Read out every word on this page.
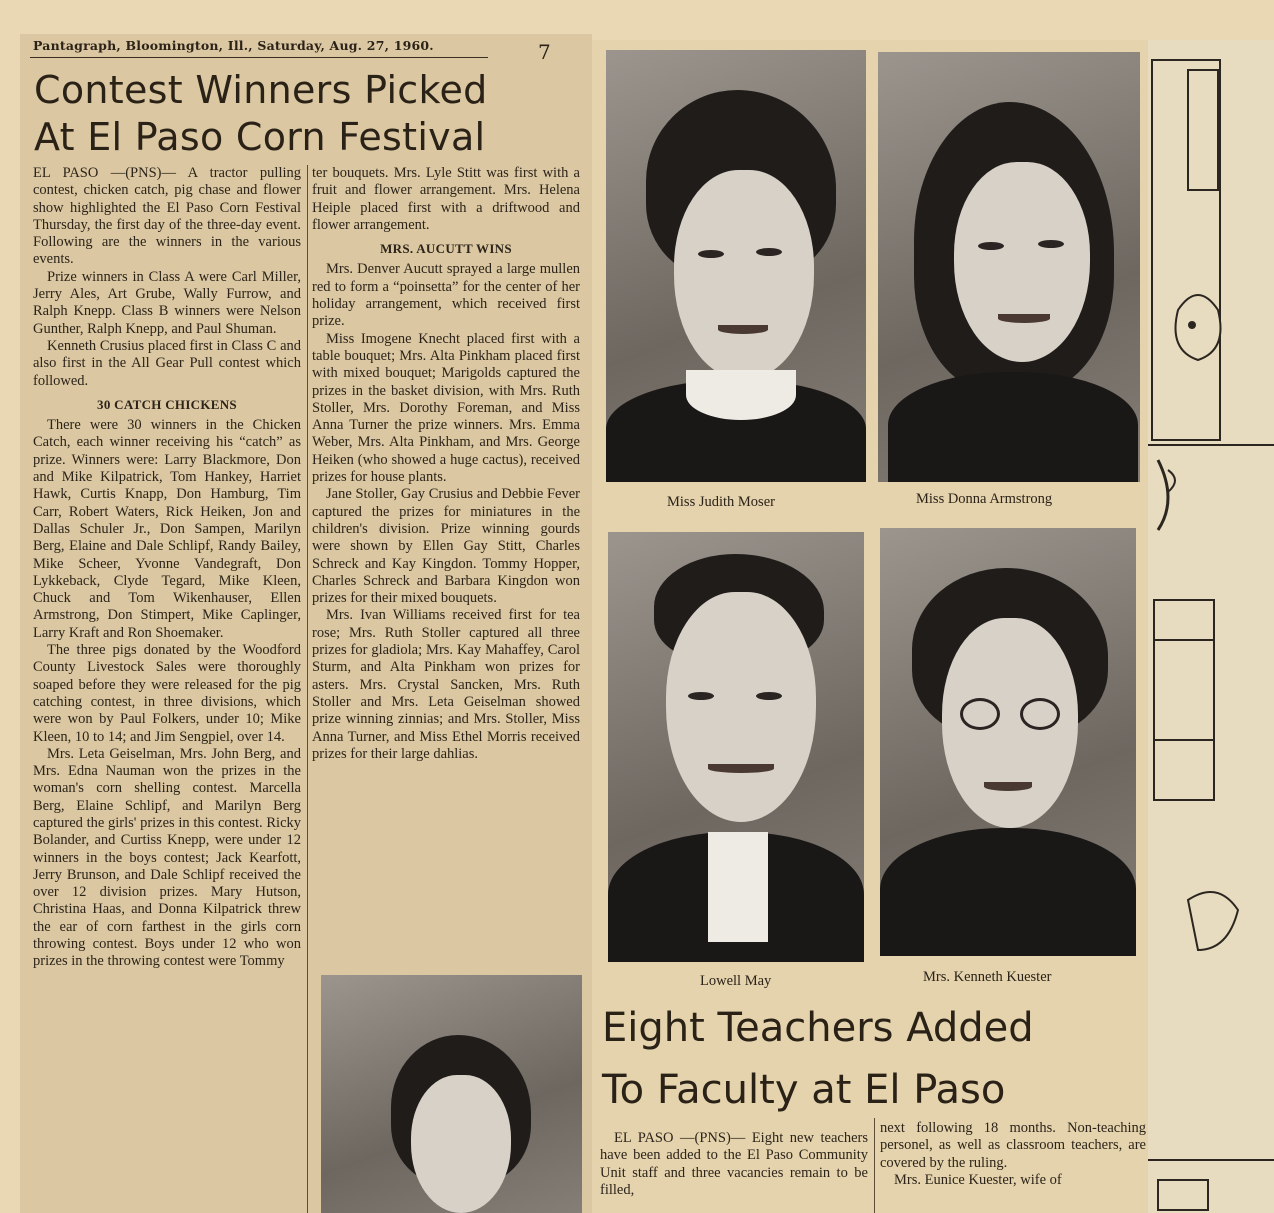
Pantagraph, Bloomington, Ill., Saturday, Aug. 27, 1960.	7
Contest Winners Picked
At El Paso Corn Festival

EL PASO —(PNS)— A tractor pulling contest, chicken catch, pig chase and flower show highlighted the El Paso Corn Festival Thursday, the first day of the three-day event. Following are the winners in the various events.

Prize winners in Class A were Carl Miller, Jerry Ales, Art Grube, Wally Furrow, and Ralph Knepp. Class B winners were Nelson Gunther, Ralph Knepp, and Paul Shuman.

Kenneth Crusius placed first in Class C and also first in the All Gear Pull contest which followed.

30 CATCH CHICKENS

There were 30 winners in the Chicken Catch, each winner receiving his “catch” as prize. Winners were: Larry Blackmore, Don and Mike Kilpatrick, Tom Hankey, Harriet Hawk, Curtis Knapp, Don Hamburg, Tim Carr, Robert Waters, Rick Heiken, Jon and Dallas Schuler Jr., Don Sampen, Marilyn Berg, Elaine and Dale Schlipf, Randy Bailey, Mike Scheer, Yvonne Vandegraft, Don Lykkeback, Clyde Tegard, Mike Kleen, Chuck and Tom Wikenhauser, Ellen Armstrong, Don Stimpert, Mike Caplinger, Larry Kraft and Ron Shoemaker.

The three pigs donated by the Woodford County Livestock Sales were thoroughly soaped before they were released for the pig catching contest, in three divisions, which were won by Paul Folkers, under 10; Mike Kleen, 10 to 14; and Jim Sengpiel, over 14.

Mrs. Leta Geiselman, Mrs. John Berg, and Mrs. Edna Nauman won the prizes in the woman's corn shelling contest. Marcella Berg, Elaine Schlipf, and Marilyn Berg captured the girls' prizes in this contest. Ricky Bolander, and Curtiss Knepp, were under 12 winners in the boys contest; Jack Kearfott, Jerry Brunson, and Dale Schlipf received the over 12 division prizes. Mary Hutson, Christina Haas, and Donna Kilpatrick threw the ear of corn farthest in the girls corn throwing contest. Boys under 12 who won prizes in the throwing contest were Tommy

ter bouquets. Mrs. Lyle Stitt was first with a fruit and flower arrangement. Mrs. Helena Heiple placed first with a driftwood and flower arrangement.

MRS. AUCUTT WINS

Mrs. Denver Aucutt sprayed a large mullen red to form a “poinsetta” for the center of her holiday arrangement, which received first prize.

Miss Imogene Knecht placed first with a table bouquet; Mrs. Alta Pinkham placed first with mixed bouquet; Marigolds captured the prizes in the basket division, with Mrs. Ruth Stoller, Mrs. Dorothy Foreman, and Miss Anna Turner the prize winners. Mrs. Emma Weber, Mrs. Alta Pinkham, and Mrs. George Heiken (who showed a huge cactus), received prizes for house plants.

Jane Stoller, Gay Crusius and Debbie Fever captured the prizes for miniatures in the children's division. Prize winning gourds were shown by Ellen Gay Stitt, Charles Schreck and Kay Kingdon. Tommy Hopper, Charles Schreck and Barbara Kingdon won prizes for their mixed bouquets.

Mrs. Ivan Williams received first for tea rose; Mrs. Ruth Stoller captured all three prizes for gladiola; Mrs. Kay Mahaffey, Carol Sturm, and Alta Pinkham won prizes for asters. Mrs. Crystal Sancken, Mrs. Ruth Stoller and Mrs. Leta Geiselman showed prize winning zinnias; and Mrs. Stoller, Miss Anna Turner, and Miss Ethel Morris received prizes for their large dahlias.

Miss Judith Moser	Miss Donna Armstrong
Lowell May	Mrs. Kenneth Kuester
Eight Teachers Added
To Faculty at El Paso

EL PASO —(PNS)— Eight new teachers have been added to the El Paso Community Unit staff and three vacancies remain to be filled,

next following 18 months. Non-teaching personel, as well as classroom teachers, are covered by the ruling.

Mrs. Eunice Kuester, wife of
